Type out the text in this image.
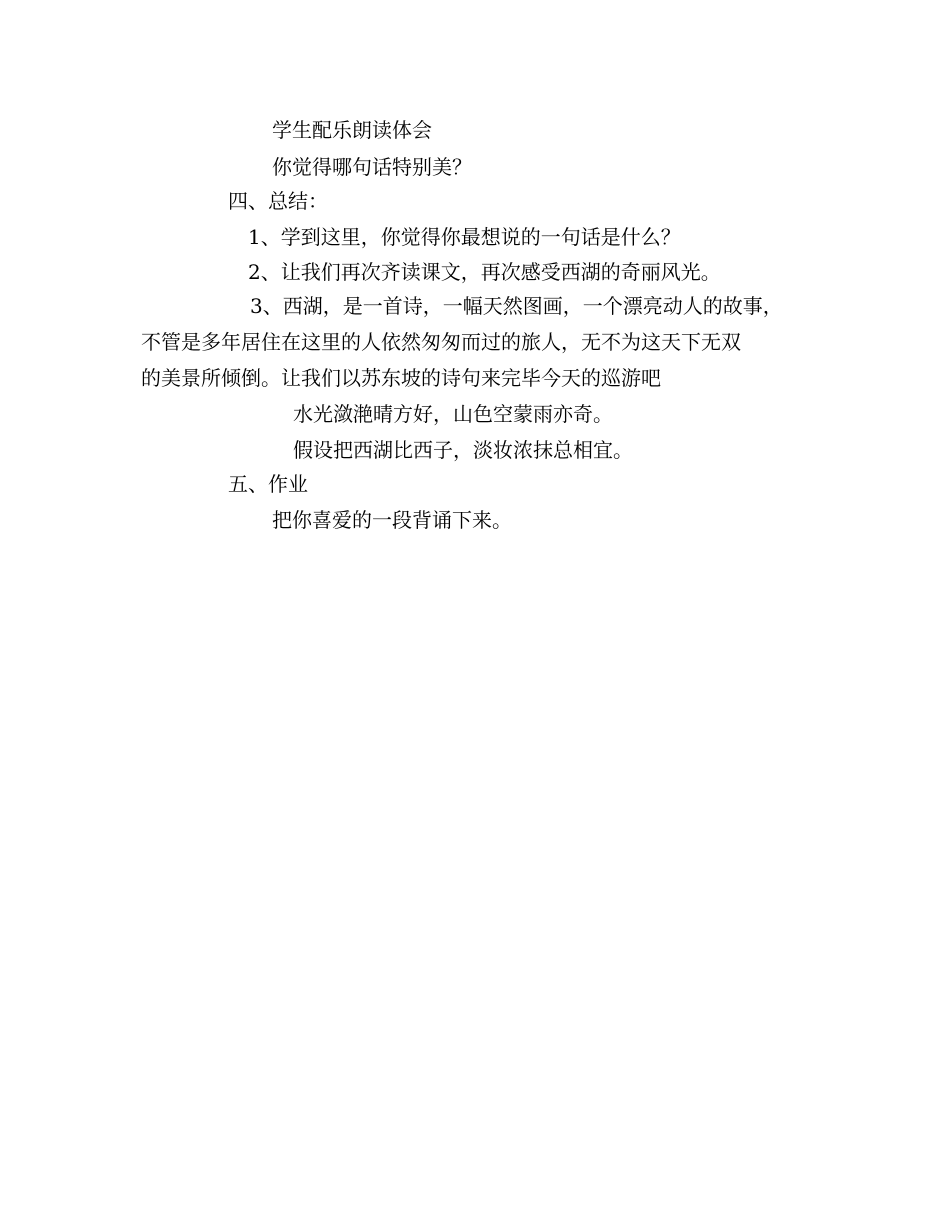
学生配乐朗读体会
你觉得哪句话特别美？
四、总结：
1、学到这里，你觉得你最想说的一句话是什么？
2、让我们再次齐读课文，再次感受西湖的奇丽风光。
3、西湖，是一首诗，一幅天然图画，一个漂亮动人的故事，
不管是多年居住在这里的人依然匆匆而过的旅人，无不为这天下无双
的美景所倾倒。让我们以苏东坡的诗句来完毕今天的巡游吧
水光潋滟晴方好，山色空蒙雨亦奇。
假设把西湖比西子，淡妆浓抹总相宜。
五、作业
把你喜爱的一段背诵下来。
